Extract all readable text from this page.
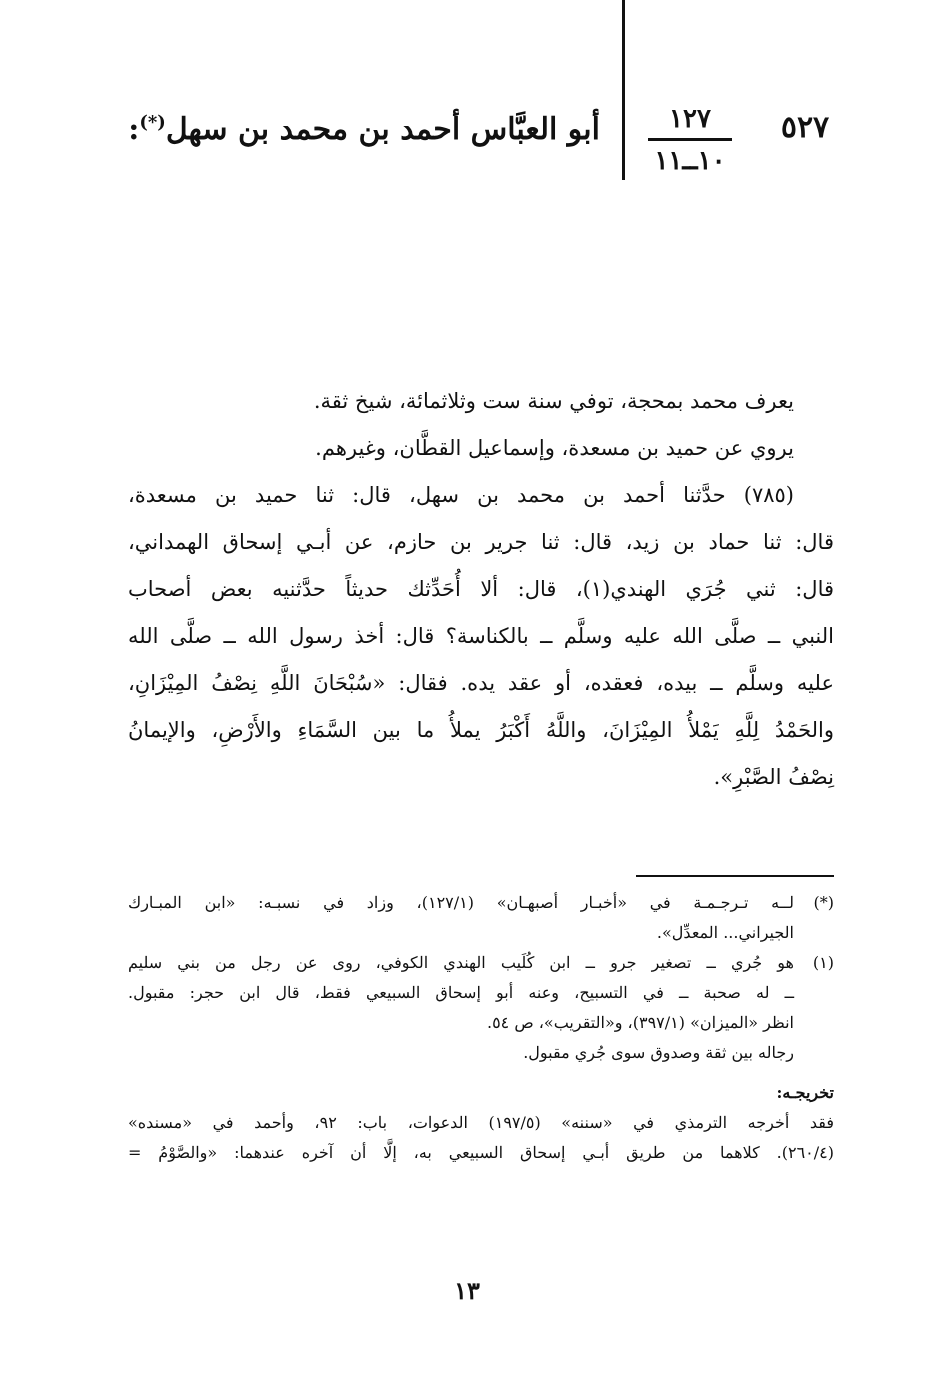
٥٢٧
١٢٧
١٠ــ١١
أبو العبَّاس أحمد بن محمد بن سهل(*):

يعرف محمد بمحجة، توفي سنة ست وثلاثمائة، شيخ ثقة.

يروي عن حميد بن مسعدة، وإسماعيل القطَّان، وغيرهم.

(٧٨٥) حدَّثنا أحمد بن محمد بن سهل، قال: ثنا حميد بن مسعدة،

قال: ثنا حماد بن زيد، قال: ثنا جرير بن حازم، عن أبـي إسحاق الهمداني،

قال: ثني جُرَي الهندي(١)، قال: ألا أُحَدِّثك حديثاً حدَّثنيه بعض أصحاب

النبي ــ صلَّى الله عليه وسلَّم ــ بالكناسة؟ قال: أخذ رسول الله ــ صلَّى الله

عليه وسلَّم ــ بيده، فعقده، أو عقد يده. فقال: «سُبْحَانَ اللَّهِ نِصْفُ المِيْزَانِ،

والحَمْدُ لِلَّهِ يَمْلأُ المِيْزَانَ، واللَّهُ أَكْبَرُ يملأُ ما بين السَّمَاءِ والأَرْضِ، والإيمانُ

نِصْفُ الصَّبْرِ».

(*)
لــه تـرجـمـة في «أخبـار أصبهـان» (١٢٧/١)، وزاد في نسبـه: «ابن المبـارك
الجيراني... المعدِّل».
(١)
هو جُري ــ تصغير جرو ــ ابن كُلَيب الهندي الكوفي، روى عن رجل من بني سليم
ــ له صحبة ــ في التسبيح، وعنه أبو إسحاق السبيعي فقط، قال ابن حجر: مقبول.
انظر «الميزان» (٣٩٧/١)، و«التقريب»، ص ٥٤.
رجاله بين ثقة وصدوق سوى جُري مقبول.
تخريجـه:
فقد أخرجه الترمذي في «سننه» (١٩٧/٥) الدعوات، باب: ٩٢، وأحمد في «مسنده»
(٢٦٠/٤). كلاهما من طريق أبـي إسحاق السبيعي به، إلَّا أن آخره عندهما: «والصَّوْمُ =
١٣
